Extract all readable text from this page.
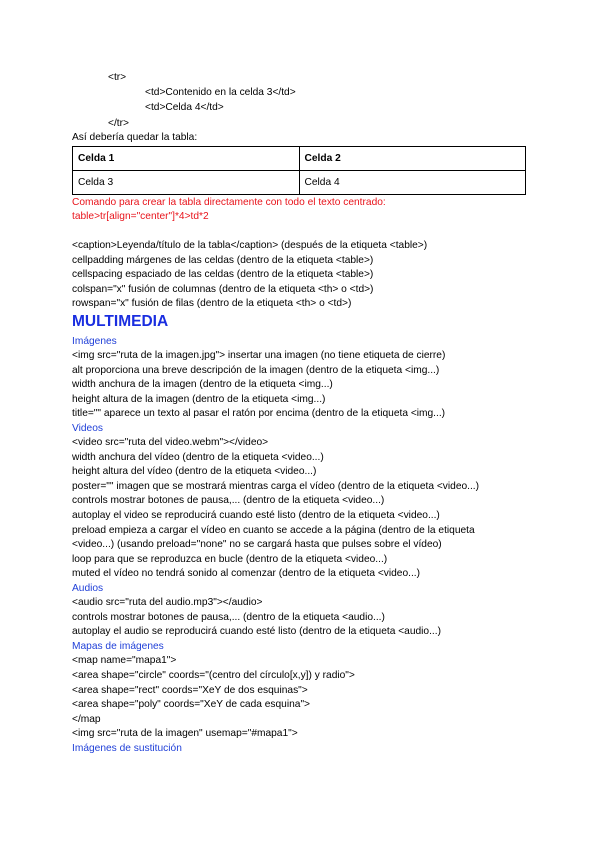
<tr>
<td>Contenido en la celda 3</td>
<td>Celda 4</td>
</tr>
Así debería quedar la tabla:
Celda 1	Celda 2
Celda 3	Celda 4
Comando para crear la tabla directamente con todo el texto centrado:
table>tr[align="center"]*4>td*2
<caption>Leyenda/título de la tabla</caption> (después de la etiqueta <table>)
cellpadding márgenes de las celdas (dentro de la etiqueta <table>)
cellspacing espaciado de las celdas (dentro de la etiqueta <table>)
colspan="x" fusión de columnas (dentro de la etiqueta <th> o <td>)
rowspan="x" fusión de filas (dentro de la etiqueta <th> o <td>)
MULTIMEDIA
Imágenes
<img src="ruta de la imagen.jpg"> insertar una imagen (no tiene etiqueta de cierre)
alt proporciona una breve descripción de la imagen (dentro de la etiqueta <img...)
width anchura de la imagen (dentro de la etiqueta <img...)
height altura de la imagen (dentro de la etiqueta <img...)
title="" aparece un texto al pasar el ratón por encima (dentro de la etiqueta <img...)
Videos
<video src="ruta del video.webm"></video>
width anchura del vídeo (dentro de la etiqueta <video...)
height altura del vídeo (dentro de la etiqueta <video...)
poster="" imagen que se mostrará mientras carga el vídeo (dentro de la etiqueta <video...)
controls mostrar botones de pausa,... (dentro de la etiqueta <video...)
autoplay el video se reproducirá cuando esté listo (dentro de la etiqueta <video...)
preload empieza a cargar el vídeo en cuanto se accede a la página (dentro de la etiqueta
<video...) (usando preload="none" no se cargará hasta que pulses sobre el vídeo)
loop para que se reproduzca en bucle (dentro de la etiqueta <video...)
muted el vídeo no tendrá sonido al comenzar (dentro de la etiqueta <video...)
Audios
<audio src="ruta del audio.mp3"></audio>
controls mostrar botones de pausa,... (dentro de la etiqueta <audio...)
autoplay el audio se reproducirá cuando esté listo (dentro de la etiqueta <audio...)
Mapas de imágenes
<map name="mapa1">
<area shape="circle" coords="(centro del círculo[x,y]) y radio">
<area shape="rect" coords="XeY de dos esquinas">
<area shape="poly" coords="XeY de cada esquina">
</map
<img src="ruta de la imagen" usemap="#mapa1">
Imágenes de sustitución
